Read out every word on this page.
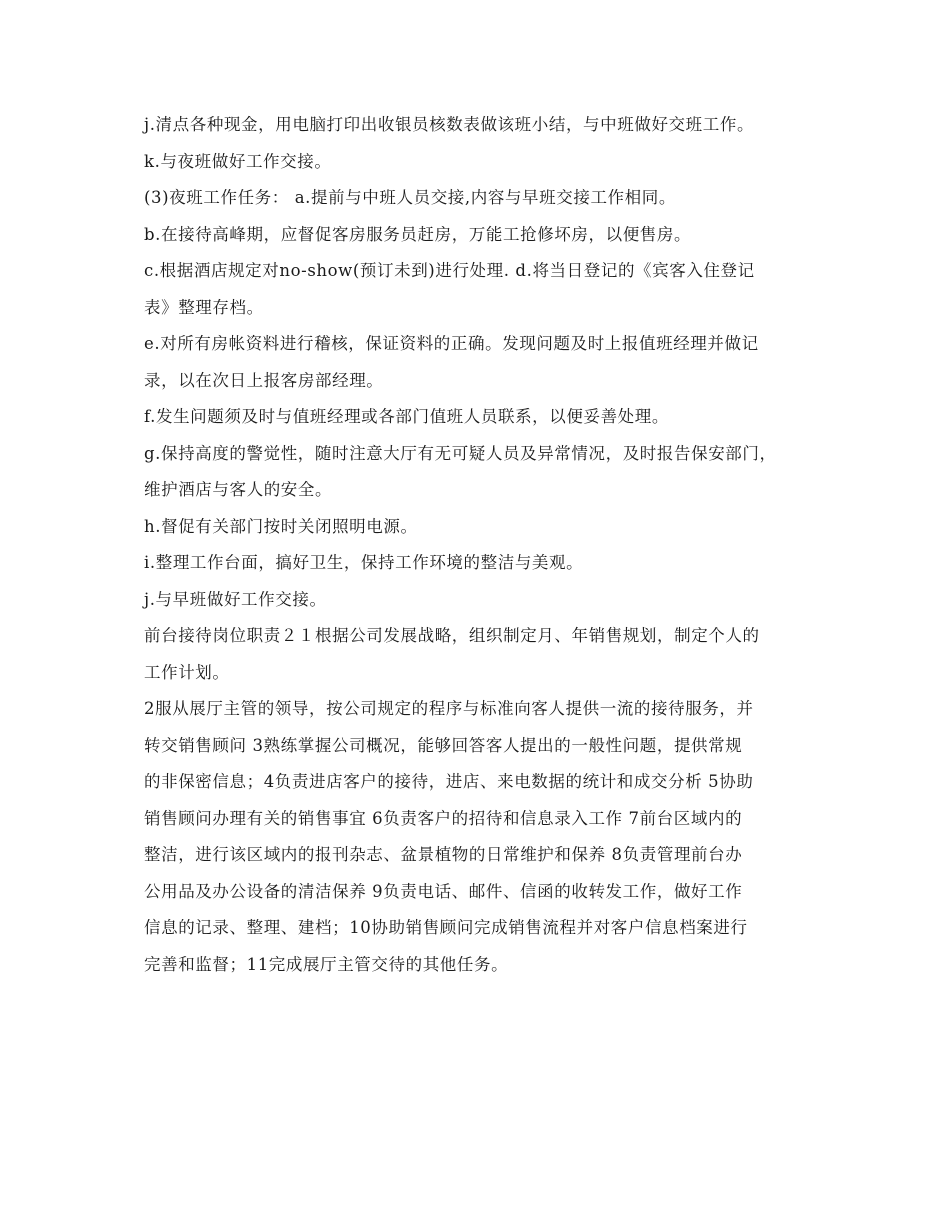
j.清点各种现金，用电脑打印出收银员核数表做该班小结，与中班做好交班工作。
k.与夜班做好工作交接。
(3)夜班工作任务： a.提前与中班人员交接,内容与早班交接工作相同。
b.在接待高峰期，应督促客房服务员赶房，万能工抢修坏房，以便售房。
c.根据酒店规定对no-show(预订未到)进行处理. d.将当日登记的《宾客入住登记
表》整理存档。
e.对所有房帐资料进行稽核，保证资料的正确。发现问题及时上报值班经理并做记
录，以在次日上报客房部经理。
f.发生问题须及时与值班经理或各部门值班人员联系，以便妥善处理。
g.保持高度的警觉性，随时注意大厅有无可疑人员及异常情况，及时报告保安部门，
维护酒店与客人的安全。
h.督促有关部门按时关闭照明电源。
i.整理工作台面，搞好卫生，保持工作环境的整洁与美观。
j.与早班做好工作交接。
前台接待岗位职责２１根据公司发展战略，组织制定月、年销售规划，制定个人的
工作计划。
2服从展厅主管的领导，按公司规定的程序与标准向客人提供一流的接待服务，并
转交销售顾问 3熟练掌握公司概况，能够回答客人提出的一般性问题，提供常规
的非保密信息；4负责进店客户的接待，进店、来电数据的统计和成交分析 5协助
销售顾问办理有关的销售事宜 6负责客户的招待和信息录入工作 7前台区域内的
整洁，进行该区域内的报刊杂志、盆景植物的日常维护和保养 8负责管理前台办
公用品及办公设备的清洁保养 9负责电话、邮件、信函的收转发工作，做好工作
信息的记录、整理、建档；10协助销售顾问完成销售流程并对客户信息档案进行
完善和监督；11完成展厅主管交待的其他任务。
